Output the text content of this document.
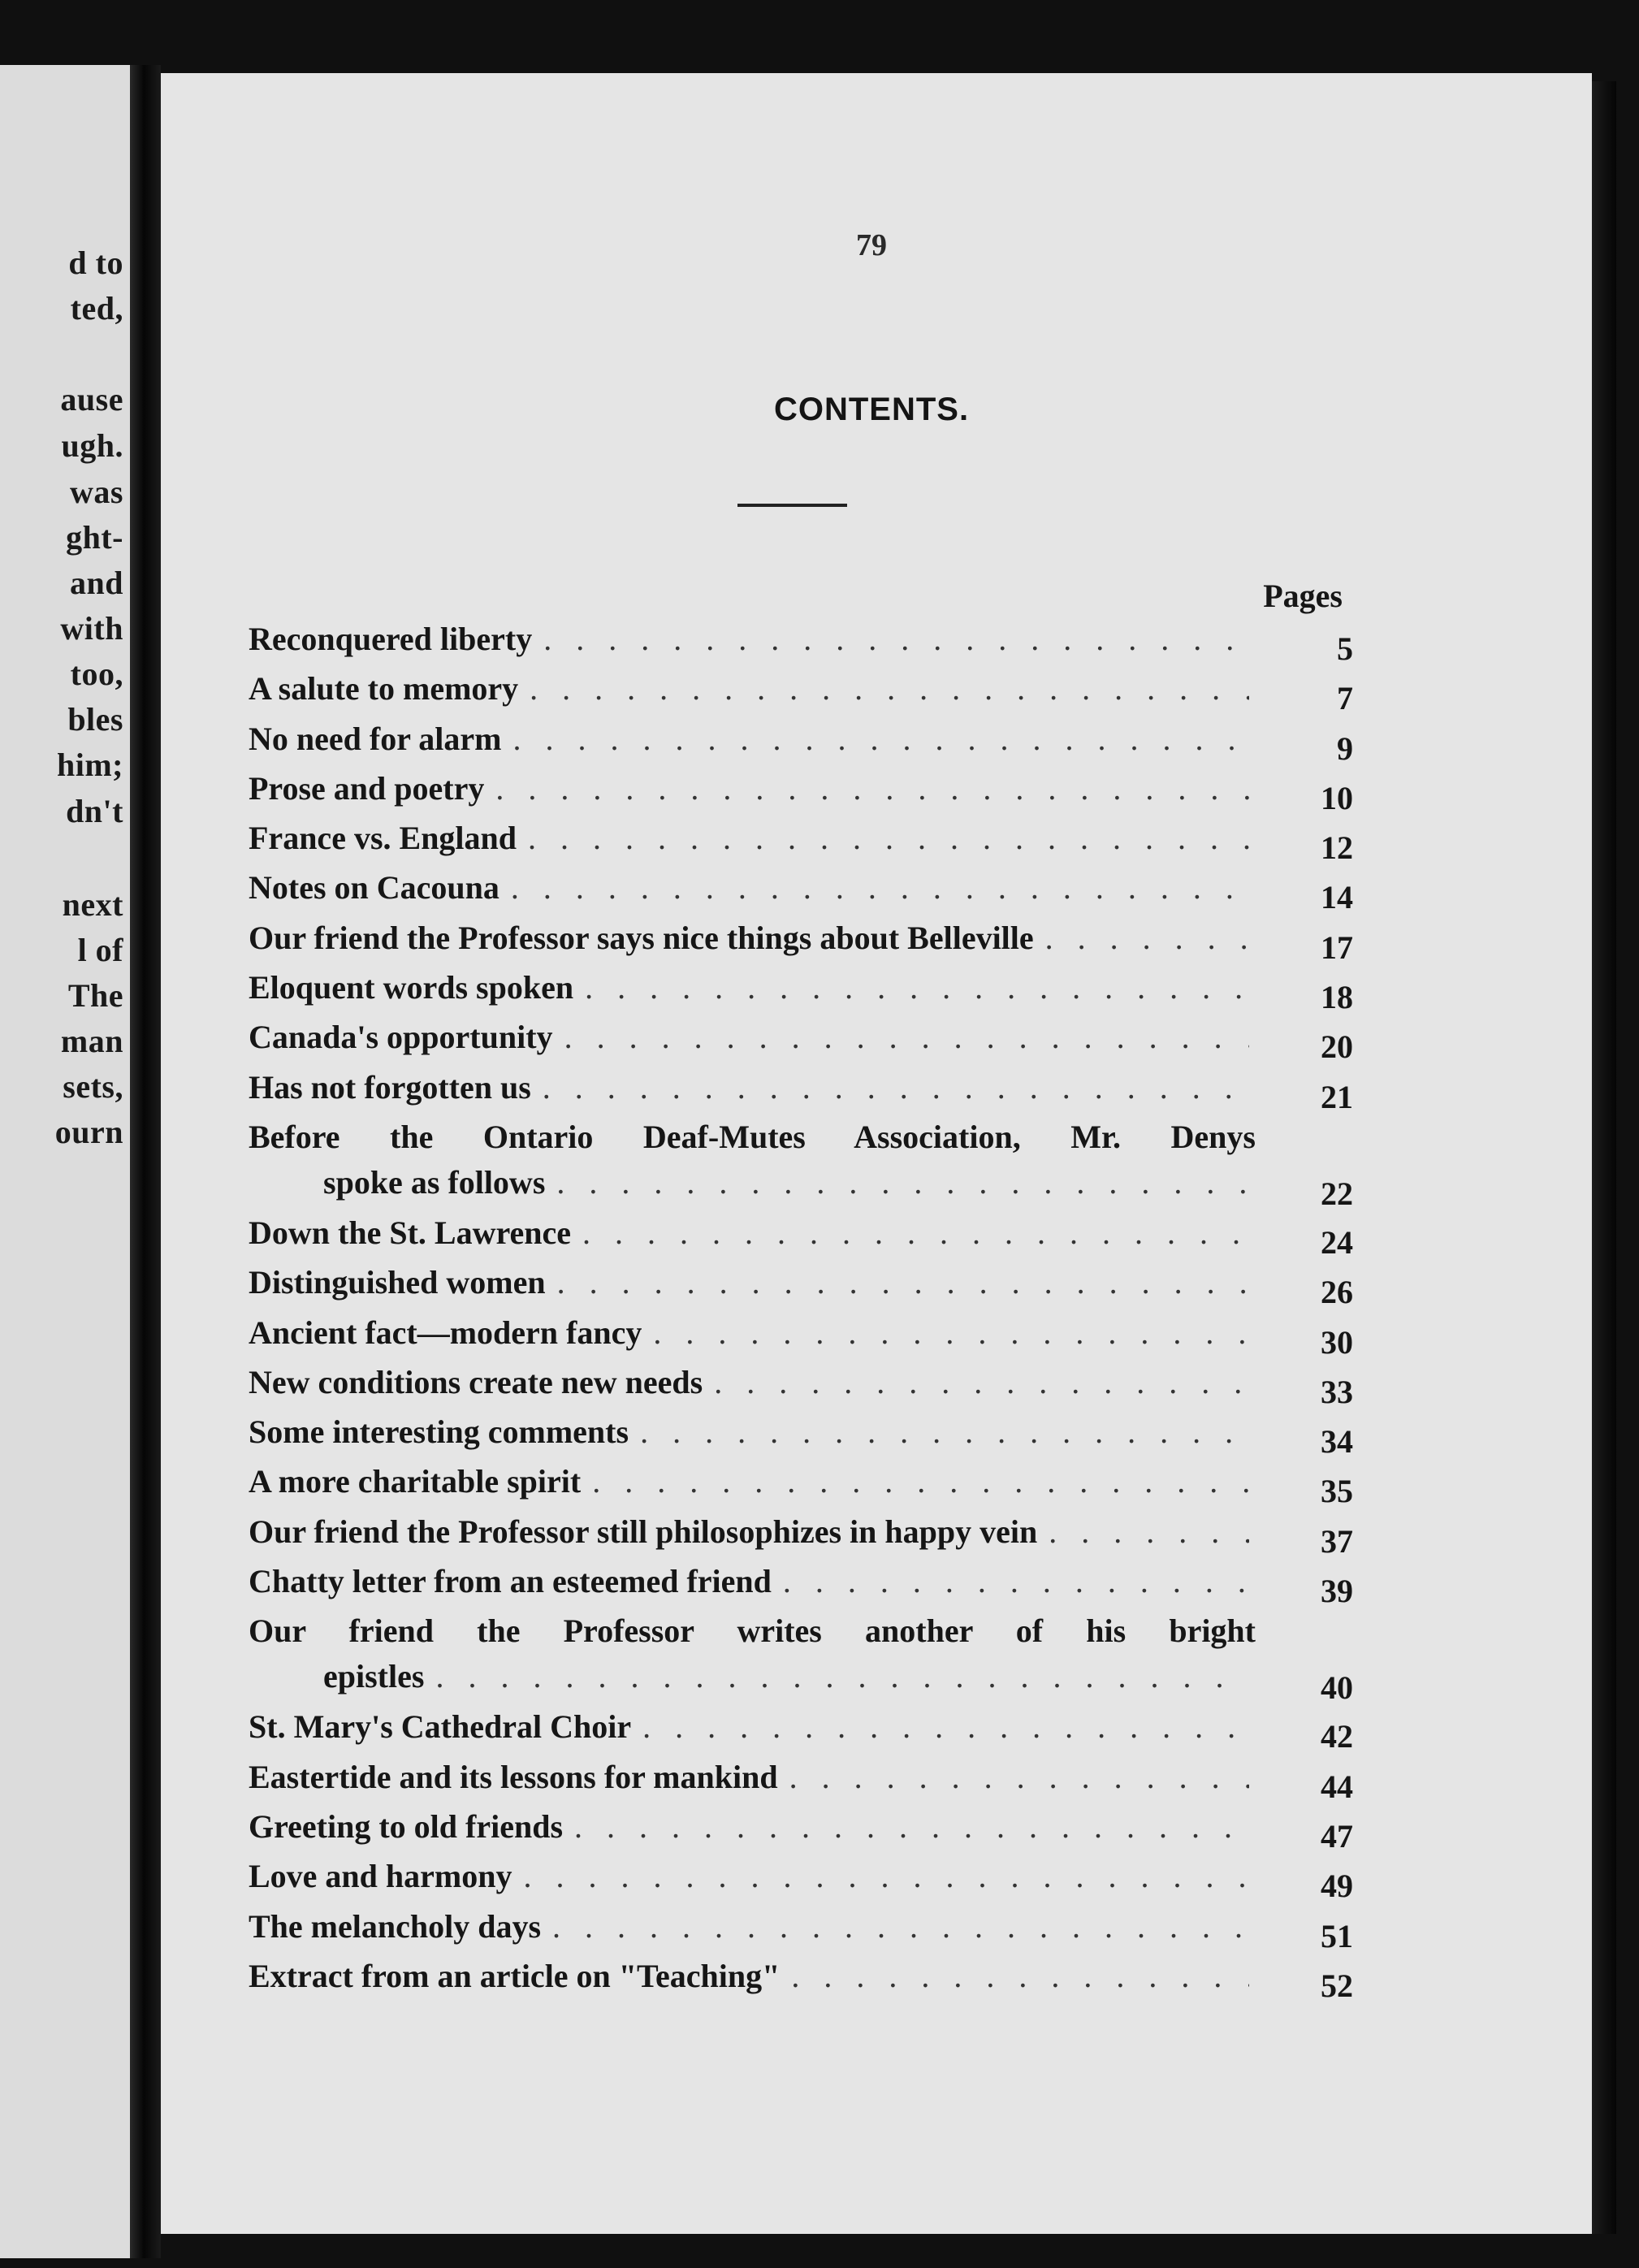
d to
ted,
ause
ugh.
was
ght-
and
with
too,
bles
him;
dn't
next
l of
The
man
sets,
ourn
79
CONTENTS.
Pages
Reconquered liberty . . .	5
A salute to memory . . .	7
No need for alarm . . .	9
Prose and poetry . . .	10
France vs. England . . .	12
Notes on Cacouna . . .	14
Our friend the Professor says nice things about Belleville . . .	17
Eloquent words spoken . . .	18
Canada's opportunity . . .	20
Has not forgotten us . . .	21
Before the Ontario Deaf-Mutes Association, Mr. Denys
spoke as follows . . .	22
Down the St. Lawrence . . .	24
Distinguished women . . .	26
Ancient fact—modern fancy . . .	30
New conditions create new needs . . .	33
Some interesting comments . . .	34
A more charitable spirit . . .	35
Our friend the Professor still philosophizes in happy vein . . .	37
Chatty letter from an esteemed friend . . .	39
Our friend the Professor writes another of his bright
epistles . . .	40
St. Mary's Cathedral Choir . . .	42
Eastertide and its lessons for mankind . . .	44
Greeting to old friends . . .	47
Love and harmony . . .	49
The melancholy days . . .	51
Extract from an article on "Teaching" . . .	52
